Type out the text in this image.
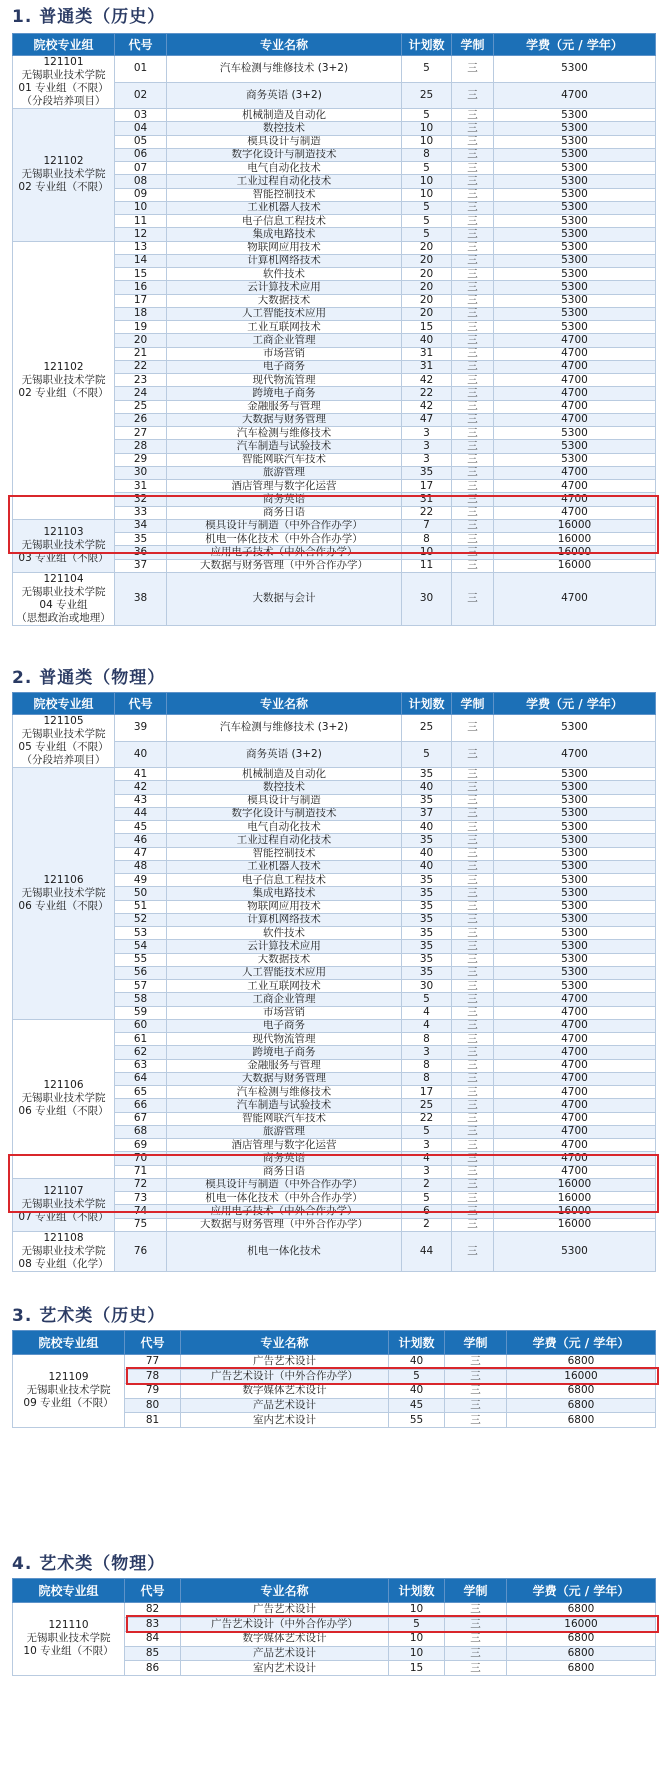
1. 普通类（历史）
院校专业组	代号	专业名称	计划数	学制	学费（元 / 学年）

121101
无锡职业技术学院
01 专业组（不限）
（分段培养项目）	01	汽车检测与维修技术 (3+2)	5	三	5300
	02	商务英语 (3+2)	25	三	4700

121102
无锡职业技术学院
02 专业组（不限）	03	机械制造及自动化	5	三	5300
	04	数控技术	10	三	5300
	05	模具设计与制造	10	三	5300
	06	数字化设计与制造技术	8	三	5300
	07	电气自动化技术	5	三	5300
	08	工业过程自动化技术	10	三	5300
	09	智能控制技术	10	三	5300
	10	工业机器人技术	5	三	5300
	11	电子信息工程技术	5	三	5300
	12	集成电路技术	5	三	5300

121102
无锡职业技术学院
02 专业组（不限）	13	物联网应用技术	20	三	5300
	14	计算机网络技术	20	三	5300
	15	软件技术	20	三	5300
	16	云计算技术应用	20	三	5300
	17	大数据技术	20	三	5300
	18	人工智能技术应用	20	三	5300
	19	工业互联网技术	15	三	5300
	20	工商企业管理	40	三	4700
	21	市场营销	31	三	4700
	22	电子商务	31	三	4700
	23	现代物流管理	42	三	4700
	24	跨境电子商务	22	三	4700
	25	金融服务与管理	42	三	4700
	26	大数据与财务管理	47	三	4700
	27	汽车检测与维修技术	3	三	5300
	28	汽车制造与试验技术	3	三	5300
	29	智能网联汽车技术	3	三	5300
	30	旅游管理	35	三	4700
	31	酒店管理与数字化运营	17	三	4700
	32	商务英语	31	三	4700
	33	商务日语	22	三	4700

121103
无锡职业技术学院
03 专业组（不限）	34	模具设计与制造（中外合作办学）	7	三	16000
	35	机电一体化技术（中外合作办学）	8	三	16000
	36	应用电子技术（中外合作办学）	10	三	16000
	37	大数据与财务管理（中外合作办学）	11	三	16000

121104
无锡职业技术学院
04 专业组
（思想政治或地理）	38	大数据与会计	30	三	4700
2. 普通类（物理）
院校专业组	代号	专业名称	计划数	学制	学费（元 / 学年）

121105
无锡职业技术学院
05 专业组（不限）
（分段培养项目）	39	汽车检测与维修技术 (3+2)	25	三	5300
	40	商务英语 (3+2)	5	三	4700

121106
无锡职业技术学院
06 专业组（不限）	41	机械制造及自动化	35	三	5300
	42	数控技术	40	三	5300
	43	模具设计与制造	35	三	5300
	44	数字化设计与制造技术	37	三	5300
	45	电气自动化技术	40	三	5300
	46	工业过程自动化技术	35	三	5300
	47	智能控制技术	40	三	5300
	48	工业机器人技术	40	三	5300
	49	电子信息工程技术	35	三	5300
	50	集成电路技术	35	三	5300
	51	物联网应用技术	35	三	5300
	52	计算机网络技术	35	三	5300
	53	软件技术	35	三	5300
	54	云计算技术应用	35	三	5300
	55	大数据技术	35	三	5300
	56	人工智能技术应用	35	三	5300
	57	工业互联网技术	30	三	5300
	58	工商企业管理	5	三	4700
	59	市场营销	4	三	4700

121106
无锡职业技术学院
06 专业组（不限）	60	电子商务	4	三	4700
	61	现代物流管理	8	三	4700
	62	跨境电子商务	3	三	4700
	63	金融服务与管理	8	三	4700
	64	大数据与财务管理	8	三	4700
	65	汽车检测与维修技术	17	三	4700
	66	汽车制造与试验技术	25	三	4700
	67	智能网联汽车技术	22	三	4700
	68	旅游管理	5	三	4700
	69	酒店管理与数字化运营	3	三	4700
	70	商务英语	4	三	4700
	71	商务日语	3	三	4700

121107
无锡职业技术学院
07 专业组（不限）	72	模具设计与制造（中外合作办学）	2	三	16000
	73	机电一体化技术（中外合作办学）	5	三	16000
	74	应用电子技术（中外合作办学）	6	三	16000
	75	大数据与财务管理（中外合作办学）	2	三	16000

121108
无锡职业技术学院
08 专业组（化学）	76	机电一体化技术	44	三	5300
3. 艺术类（历史）
院校专业组	代号	专业名称	计划数	学制	学费（元 / 学年）

121109
无锡职业技术学院
09 专业组（不限）	77	广告艺术设计	40	三	6800
	78	广告艺术设计（中外合作办学）	5	三	16000
	79	数字媒体艺术设计	40	三	6800
	80	产品艺术设计	45	三	6800
	81	室内艺术设计	55	三	6800
4. 艺术类（物理）
院校专业组	代号	专业名称	计划数	学制	学费（元 / 学年）

121110
无锡职业技术学院
10 专业组（不限）	82	广告艺术设计	10	三	6800
	83	广告艺术设计（中外合作办学）	5	三	16000
	84	数字媒体艺术设计	10	三	6800
	85	产品艺术设计	10	三	6800
	86	室内艺术设计	15	三	6800
